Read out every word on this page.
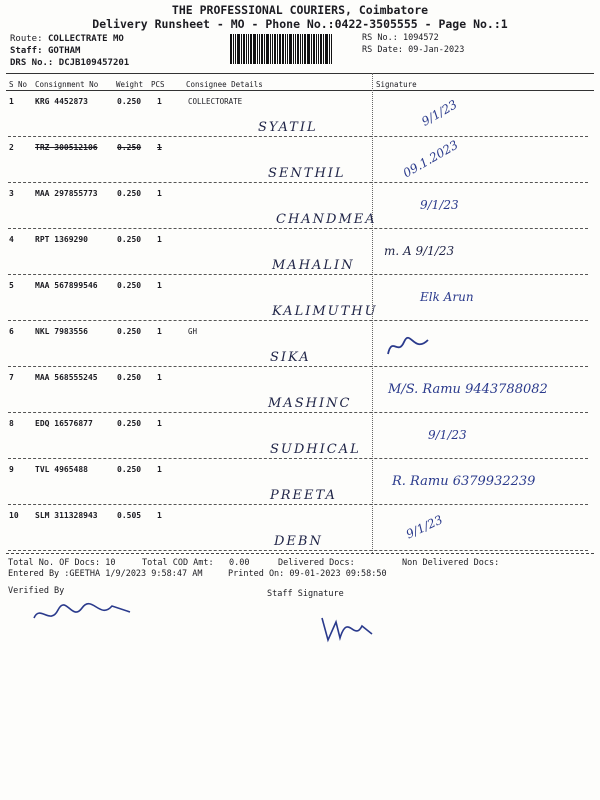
THE PROFESSIONAL COURIERS, Coimbatore
Delivery Runsheet - MO - Phone No.:0422-3505555 - Page No.:1
Route: COLLECTRATE MO
Staff: GOTHAM
DRS No.: DCJB109457201
RS No.: 1094572
RS Date: 09-Jan-2023
S No Consignment No Weight PCS	Consignee Details	Signature
1	KRG 4452873	0.250 1	COLLECTORATE
SYATIL	9/1/23
2	TRZ 300512106 0.250 1
SENTHIL	09.1.2023
3	MAA 297855773 0.250 1
CHANDMEA
9/1/23
4	RPT 1369290	0.250 1
MAHALIN
m. A 9/1/23
5	MAA 567899546 0.250 1
KALIMUTHU
Elk Arun
6	NKL 7983556	0.250 1	GH
SIKA
7	MAA 568555245 0.250 1
MASHINC
M/S. Ramu 9443788082
8	EDQ 16576877	0.250 1
SUDHICAL
9/1/23
9	TVL 4965488	0.250 1
PREETA
R. Ramu 6379932239
10 SLM 311328943 0.505 1
DEBN	9/1/23
Total No. OF Docs: 10	Total COD Amt: 0.00	Delivered Docs:	Non Delivered Docs:
Entered By :GEETHA 1/9/2023 9:58:47 AM	Printed On: 09-01-2023 09:58:50
Verified By	Staff Signature
